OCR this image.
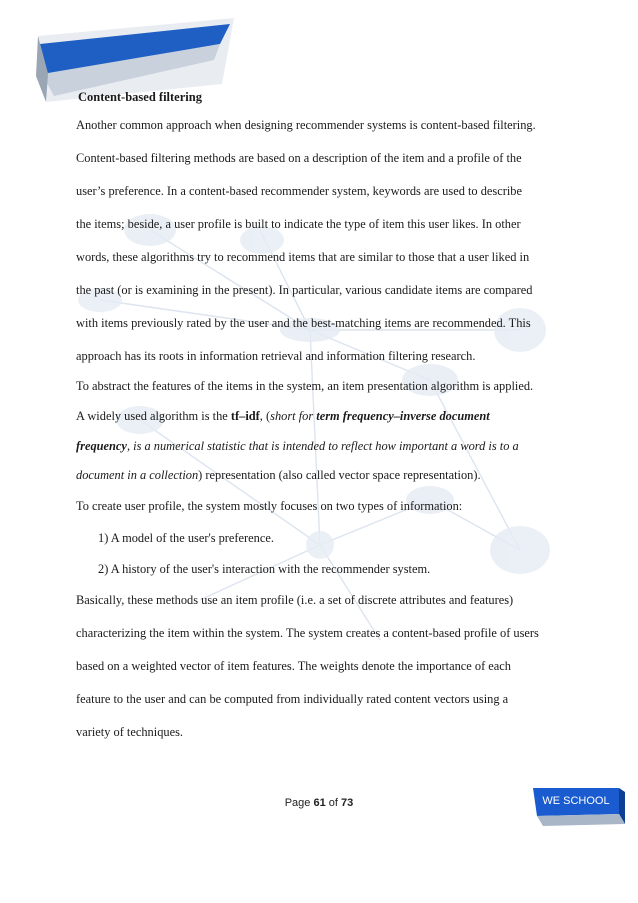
Content-based filtering
Another common approach when designing recommender systems is content-based filtering.
Content-based filtering methods are based on a description of the item and a profile of the
user’s preference. In a content-based recommender system, keywords are used to describe
the items; beside, a user profile is built to indicate the type of item this user likes. In other
words, these algorithms try to recommend items that are similar to those that a user liked in
the past (or is examining in the present). In particular, various candidate items are compared
with items previously rated by the user and the best-matching items are recommended. This
approach has its roots in information retrieval and information filtering research.
To abstract the features of the items in the system, an item presentation algorithm is applied.
A widely used algorithm is the tf–idf, (short for term frequency–inverse document
frequency, is a numerical statistic that is intended to reflect how important a word is to a
document in a collection) representation (also called vector space representation).
To create user profile, the system mostly focuses on two types of information:
1) A model of the user's preference.
2) A history of the user's interaction with the recommender system.
Basically, these methods use an item profile (i.e. a set of discrete attributes and features)
characterizing the item within the system. The system creates a content-based profile of users
based on a weighted vector of item features. The weights denote the importance of each
feature to the user and can be computed from individually rated content vectors using a
variety of techniques.
Page 61 of 73	WE SCHOOL
